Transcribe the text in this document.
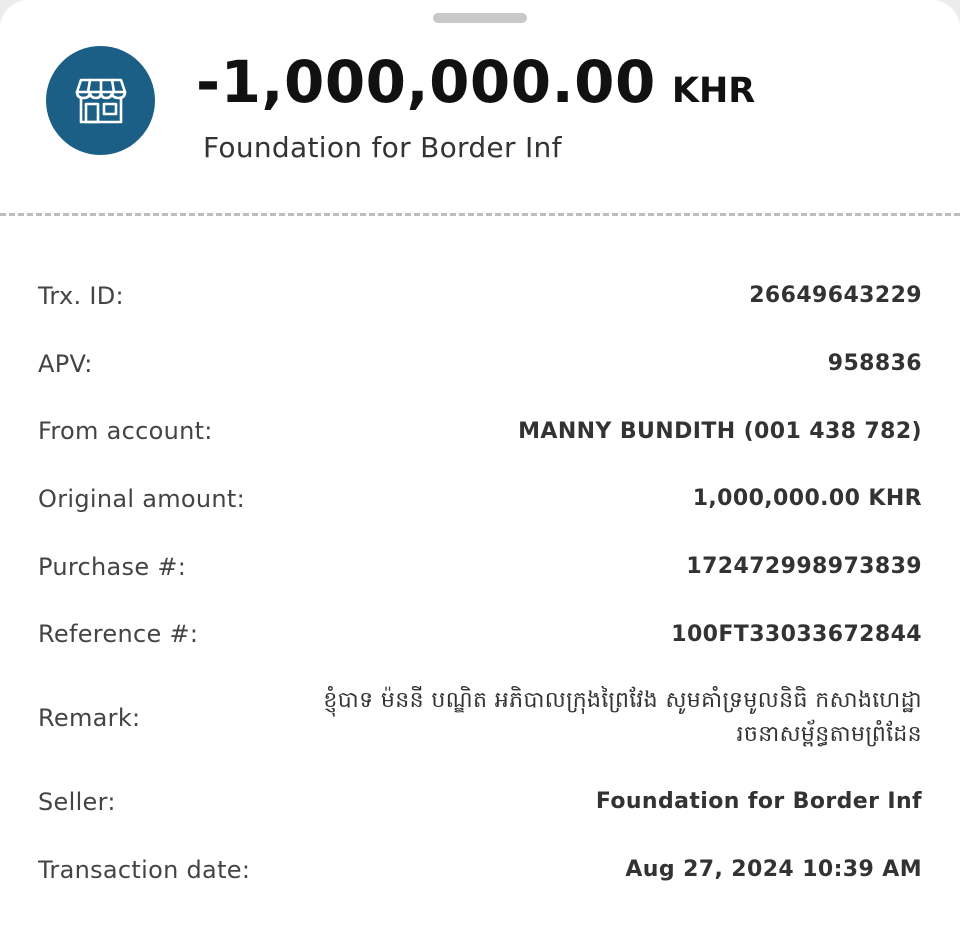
-1,000,000.00 KHR
Foundation for Border Inf
Trx. ID:	26649643229
APV:	958836
From account:	MANNY BUNDITH (001 438 782)
Original amount:	1,000,000.00 KHR
Purchase #:	172472998973839
Reference #:	100FT33033672844
Remark:
ខ្ញុំបាទ ម៉ននី បណ្ឌិត អភិបាលក្រុងព្រៃវែង សូមគាំទ្រមូលនិធិ កសាងហេដ្ឋារចនាសម្ព័ន្ធតាមព្រំដែន
Seller:	Foundation for Border Inf
Transaction date:	Aug 27, 2024 10:39 AM
